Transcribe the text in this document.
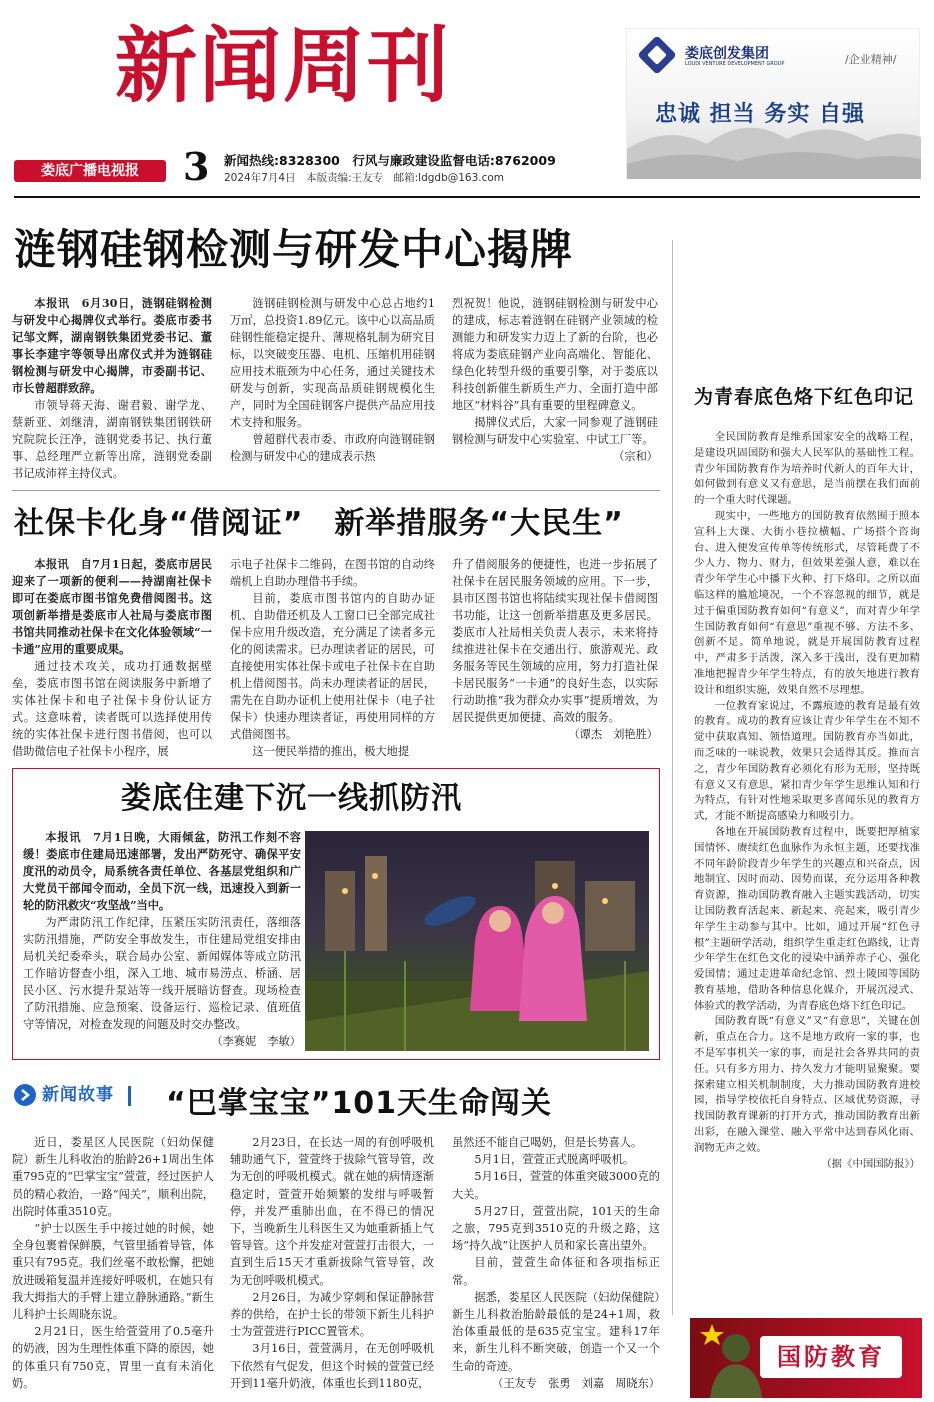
新闻周刊
娄底广播电视报	3 新闻热线:8328300　行风与廉政建设监督电话:8762009
2024年7月4日　本版责编:王友专　邮箱:ldgdb@163.com
娄底创发集团
LOUDI VENTURE DEVELOPMENT GROUP	/企业精神/
忠诚 担当 务实 自强
涟钢硅钢检测与研发中心揭牌

本报讯　6月30日，涟钢硅钢检测与研发中心揭牌仪式举行。娄底市委书记邹文辉，湖南钢铁集团党委书记、董事长李建宇等领导出席仪式并为涟钢硅钢检测与研发中心揭牌，市委副书记、市长曾超群致辞。

市领导蒋天海、谢君毅、谢学龙、蔡新亚、刘继清，湖南钢铁集团钢铁研究院院长汪净，涟钢党委书记、执行董事、总经理严立新等出席，涟钢党委副书记成沛祥主持仪式。

涟钢硅钢检测与研发中心总占地约1万㎡，总投资1.89亿元。该中心以高品质硅钢性能稳定提升、薄规格轧制为研究目标，以突破变压器、电机、压缩机用硅钢应用技术瓶颈为中心任务，通过关键技术研发与创新，实现高品质硅钢规模化生产，同时为全国硅钢客户提供产品应用技术支持和服务。

曾超群代表市委、市政府向涟钢硅钢检测与研发中心的建成表示热

烈祝贺！他说，涟钢硅钢检测与研发中心的建成，标志着涟钢在硅钢产业领域的检测能力和研发实力迈上了新的台阶，也必将成为娄底硅钢产业向高端化、智能化、绿色化转型升级的重要引擎，对于娄底以科技创新催生新质生产力、全面打造中部地区“材料谷”具有重要的里程碑意义。

揭牌仪式后，大家一同参观了涟钢硅钢检测与研发中心实验室、中试工厂等。

（宗和）
社保卡化身“借阅证”　新举措服务“大民生”

本报讯　自7月1日起，娄底市居民迎来了一项新的便利——持湖南社保卡即可在娄底市图书馆免费借阅图书。这项创新举措是娄底市人社局与娄底市图书馆共同推动社保卡在文化体验领域“一卡通”应用的重要成果。

通过技术攻关，成功打通数据壁垒，娄底市图书馆在阅读服务中新增了实体社保卡和电子社保卡身份认证方式。这意味着，读者既可以选择使用传统的实体社保卡进行图书借阅，也可以借助微信电子社保卡小程序，展

示电子社保卡二维码，在图书馆的自动终端机上自助办理借书手续。

目前，娄底市图书馆内的自助办证机、自助借还机及人工窗口已全部完成社保卡应用升级改造，充分满足了读者多元化的阅读需求。已办理读者证的居民，可直接使用实体社保卡或电子社保卡在自助机上借阅图书。尚未办理读者证的居民，需先在自助办证机上使用社保卡（电子社保卡）快速办理读者证，再使用同样的方式借阅图书。

这一便民举措的推出，极大地提

升了借阅服务的便捷性，也进一步拓展了社保卡在居民服务领域的应用。下一步，县市区图书馆也将陆续实现社保卡借阅图书功能，让这一创新举措惠及更多居民。娄底市人社局相关负责人表示，未来将持续推进社保卡在交通出行、旅游观光、政务服务等民生领域的应用，努力打造社保卡居民服务“一卡通”的良好生态，以实际行动助推“我为群众办实事”提质增效，为居民提供更加便捷、高效的服务。

（谭杰　刘艳胜）
娄底住建下沉一线抓防汛

本报讯　7月1日晚，大雨倾盆，防汛工作刻不容缓！娄底市住建局迅速部署，发出严防死守、确保平安度汛的动员令，局系统各责任单位、各基层党组织和广大党员干部闻令而动，全员下沉一线，迅速投入到新一轮的防汛救灾“攻坚战”当中。

为严肃防汛工作纪律，压紧压实防汛责任，落细落实防汛措施，严防安全事故发生，市住建局党组安排由局机关纪委牵头，联合局办公室、新闻媒体等成立防汛工作暗访督查小组，深入工地、城市易涝点、桥涵、居民小区、污水提升泵站等一线开展暗访督查。现场检查了防汛措施、应急预案、设备运行、巡检记录、值班值守等情况，对检查发现的问题及时交办整改。

（李赛妮　李敏）
新闻故事 “巴掌宝宝”101天生命闯关

近日，娄星区人民医院（妇幼保健院）新生儿科收治的胎龄26+1周出生体重795克的“巴掌宝宝”萱萱，经过医护人员的精心救治，一路“闯关”，顺利出院，出院时体重3510克。

“护士以医生手中接过她的时候，她全身包裹着保鲜膜，气管里插着导管，体重只有795克。我们丝毫不敢松懈，把她放进暖箱复温并连接好呼吸机，在她只有我大拇指大的手臂上建立静脉通路。”新生儿科护士长周晓东说。

2月21日，医生给萱萱用了0.5毫升的奶液，因为生理性体重下降的原因，她的体重只有750克，胃里一直有未消化奶。

2月23日，在长达一周的有创呼吸机辅助通气下，萱萱终于拔除气管导管，改为无创的呼吸机模式。就在她的病情逐渐稳定时，萱萱开始频繁的发绀与呼吸暂停，并发严重肺出血，在不得已的情况下，当晚新生儿科医生又为她重新插上气管导管。这个并发症对萱萱打击很大，一直到生后15天才重新拔除气管导管，改为无创呼吸机模式。

2月26日，为减少穿刺和保证静脉营养的供给，在护士长的带领下新生儿科护士为萱萱进行PICC置管术。

3月16日，萱萱满月，在无创呼吸机下依然有气促发，但这个时候的萱萱已经开到11毫升奶液，体重也长到1180克，

虽然还不能自己喝奶，但是长势喜人。

5月1日，萱萱正式脱离呼吸机。

5月16日，萱萱的体重突破3000克的大关。

5月27日，萱萱出院，101天的生命之旅，795克到3510克的升级之路，这场“持久战”让医护人员和家长喜出望外。

目前，萱萱生命体征和各项指标正常。

据悉，娄星区人民医院（妇幼保健院）新生儿科救治胎龄最低的是24+1周，救治体重最低的是635克宝宝。建科17年来，新生儿科不断突破，创造一个又一个生命的奇迹。

（王友专　张勇　刘嘉　周晓东）
为青春底色烙下红色印记

全民国防教育是维系国家安全的战略工程，是建设巩固国防和强大人民军队的基础性工程。青少年国防教育作为培养时代新人的百年大计，如何做到有意义又有意思，是当前摆在我们面前的一个重大时代课题。

现实中，一些地方的国防教育依然囿于照本宣科上大课、大街小巷拉横幅、广场搭个咨询台、进入便发宣传单等传统形式，尽管耗费了不少人力、物力、财力，但效果差强人意，难以在青少年学生心中播下火种、打下烙印。之所以面临这样的尴尬境况，一个不容忽视的细节，就是过于偏重国防教育如何“有意义”，而对青少年学生国防教育如何“有意思”重视不够、方法不多、创新不足。简单地说，就是开展国防教育过程中，严肃多于活泼，深入多于浅出，没有更加精准地把握青少年学生特点，有的放矢地进行教育设计和组织实施，效果自然不尽理想。

一位教育家说过，不露痕迹的教育是最有效的教育。成功的教育应该让青少年学生在不知不觉中获取真知、领悟道理。国防教育亦当如此，而乏味的一味说教，效果只会适得其反。推而言之，青少年国防教育必须化有形为无形，坚持既有意义又有意思，紧扣青少年学生思维认知和行为特点，有针对性地采取更多喜闻乐见的教育方式，才能不断提高感染力和吸引力。

各地在开展国防教育过程中，既要把厚植家国情怀、赓续红色血脉作为永恒主题，还要找准不同年龄阶段青少年学生的兴趣点和兴奋点，因地制宜、因时而动、因势而谋，充分运用各种教育资源，推动国防教育融入主题实践活动，切实让国防教育活起来、新起来、亮起来，吸引青少年学生主动参与其中。比如，通过开展“红色寻根”主题研学活动，组织学生重走红色路线，让青少年学生在红色文化的浸染中涵养赤子心、强化爱国情；通过走进革命纪念馆、烈士陵园等国防教育基地，借助各种信息化媒介，开展沉浸式、体验式的教学活动，为青春底色烙下红色印记。

国防教育既“有意义”又“有意思”，关键在创新，重点在合力。这不是地方政府一家的事，也不是军事机关一家的事，而是社会各界共同的责任。只有多方用力、持久发力才能明显聚聚。要探索建立相关机制制度，大力推动国防教育进校园，指导学校依托自身特点、区域优势资源，寻找国防教育课新的打开方式，推动国防教育出新出彩，在融入课堂、融入平常中达到春风化雨、润物无声之效。

（据《中国国防报》）
国防教育
